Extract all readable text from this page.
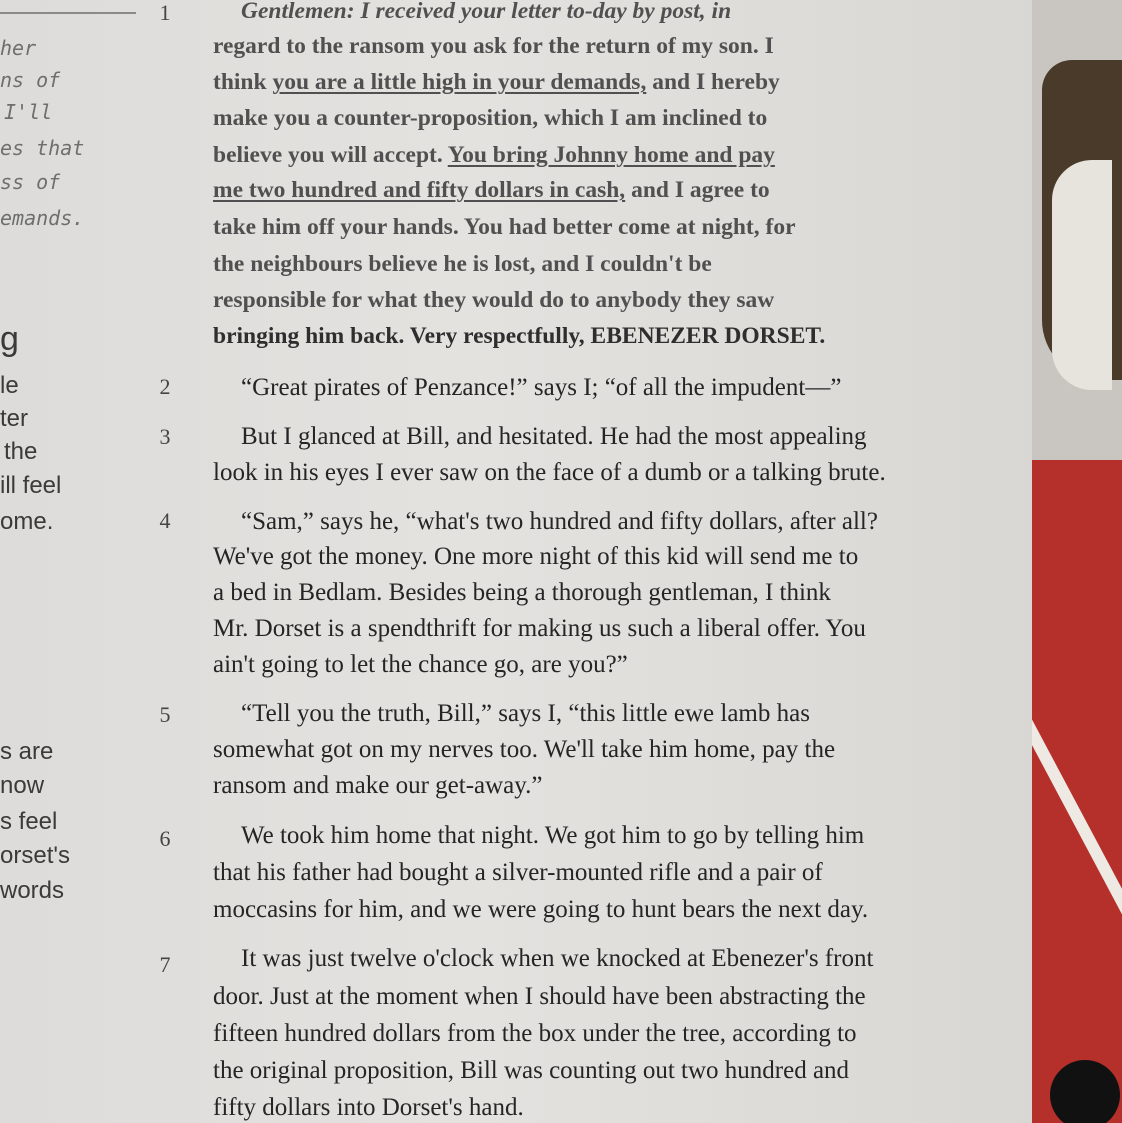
her
ns of
I'll
es that
ss of
emands.
g
le
ter
the
ill feel
ome.
s are
now
s feel
orset's
words
1
2
3
4
5
6
7
Gentlemen: I received your letter to-day by post, in
regard to the ransom you ask for the return of my son. I
think you are a little high in your demands, and I hereby
make you a counter-proposition, which I am inclined to
believe you will accept. You bring Johnny home and pay
me two hundred and fifty dollars in cash, and I agree to
take him off your hands. You had better come at night, for
the neighbours believe he is lost, and I couldn't be
responsible for what they would do to anybody they saw
bringing him back. Very respectfully, EBENEZER DORSET.
“Great pirates of Penzance!” says I; “of all the impudent—”
But I glanced at Bill, and hesitated. He had the most appealing
look in his eyes I ever saw on the face of a dumb or a talking brute.
“Sam,” says he, “what's two hundred and fifty dollars, after all?
We've got the money. One more night of this kid will send me to
a bed in Bedlam. Besides being a thorough gentleman, I think
Mr. Dorset is a spendthrift for making us such a liberal offer. You
ain't going to let the chance go, are you?”
“Tell you the truth, Bill,” says I, “this little ewe lamb has
somewhat got on my nerves too. We'll take him home, pay the
ransom and make our get-away.”
We took him home that night. We got him to go by telling him
that his father had bought a silver-mounted rifle and a pair of
moccasins for him, and we were going to hunt bears the next day.
It was just twelve o'clock when we knocked at Ebenezer's front
door. Just at the moment when I should have been abstracting the
fifteen hundred dollars from the box under the tree, according to
the original proposition, Bill was counting out two hundred and
fifty dollars into Dorset's hand.
